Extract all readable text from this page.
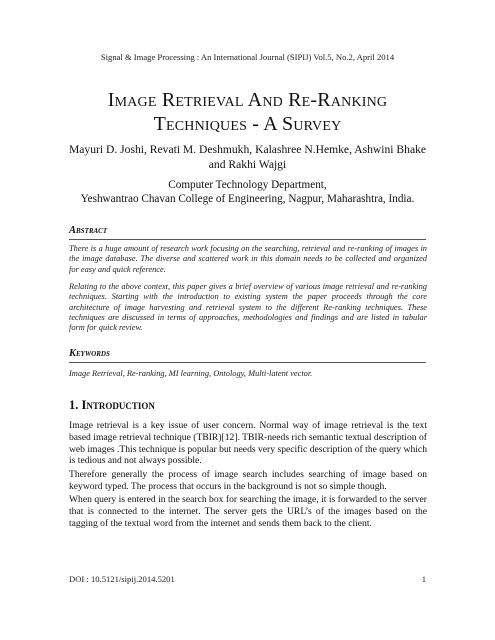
Signal & Image Processing : An International Journal (SIPIJ) Vol.5, No.2, April 2014
Image Retrieval And Re-Ranking
Techniques - A Survey
Mayuri D. Joshi, Revati M. Deshmukh, Kalashree N.Hemke, Ashwini Bhake
and Rakhi Wajgi
Computer Technology Department,
Yeshwantrao Chavan College of Engineering, Nagpur, Maharashtra, India.
Abstract
There is a huge amount of research work focusing on the searching, retrieval and re-ranking of images in the image database. The diverse and scattered work in this domain needs to be collected and organized for easy and quick reference.
Relating to the above context, this paper gives a brief overview of various image retrieval and re-ranking techniques. Starting with the introduction to existing system the paper proceeds through the core architecture of image harvesting and retrieval system to the different Re-ranking techniques. These techniques are discussed in terms of approaches, methodologies and findings and are listed in tabular form for quick review.
Keywords
Image Retrieval, Re-ranking, MI learning, Ontology, Multi-latent vector.
1. Introduction
Image retrieval is a key issue of user concern. Normal way of image retrieval is the text based image retrieval technique (TBIR)[12]. TBIR-needs rich semantic textual description of web images .This technique is popular but needs very specific description of the query which is tedious and not always possible.
Therefore generally the process of image search includes searching of image based on keyword typed. The process that occurs in the background is not so simple though.
When query is entered in the search box for searching the image, it is forwarded to the server that is connected to the internet. The server gets the URL’s of the images based on the tagging of the textual word from the internet and sends them back to the client.
DOI : 10.5121/sipij.2014.5201	1
